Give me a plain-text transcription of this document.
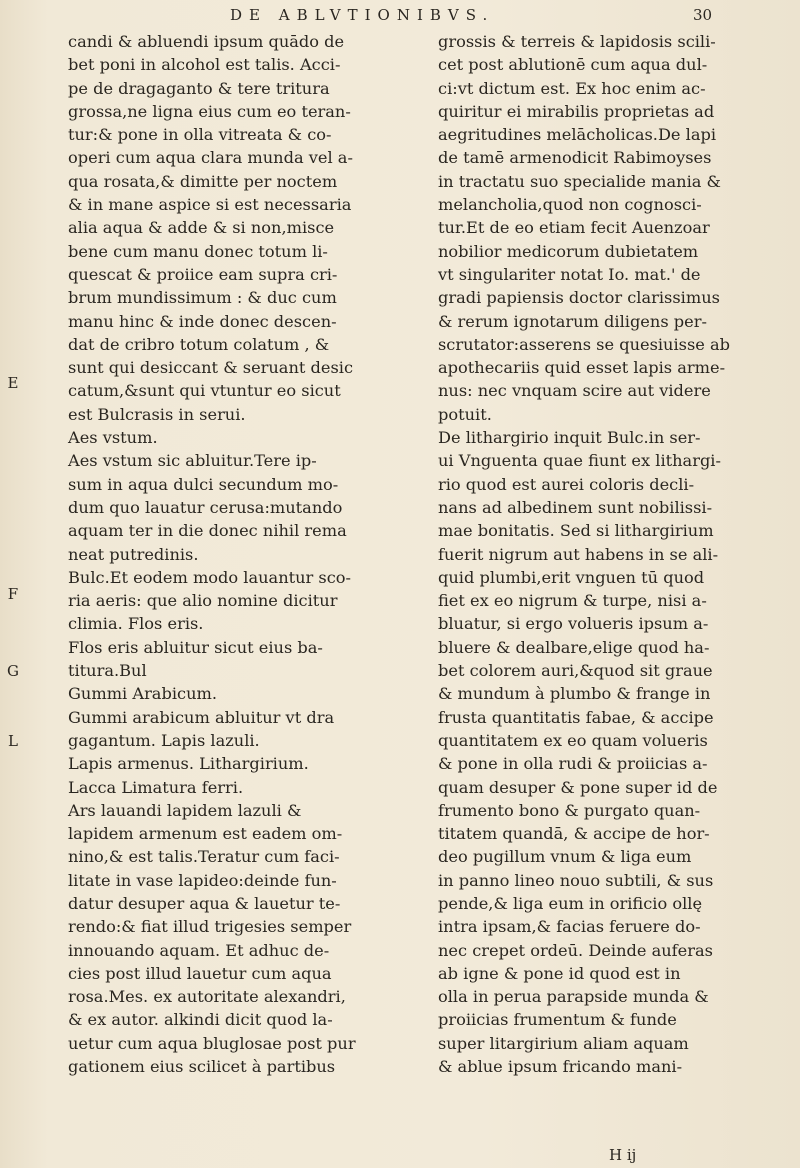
DE ABLVTIONIBVS.	30
E
F
G
L
candi & abluendi ipsum quādo de
bet poni in alcohol est talis. Acci-
pe de dragaganto & tere tritura
grossa,ne ligna eius cum eo teran-
tur:& pone in olla vitreata & co-
operi cum aqua clara munda vel a-
qua rosata,& dimitte per noctem
& in mane aspice si est necessaria
alia aqua & adde & si non,misce
bene cum manu donec totum li-
quescat & proiice eam supra cri-
brum mundissimum : & duc cum
manu hinc & inde donec descen-
dat de cribro totum colatum , &
sunt qui desiccant & seruant desic
catum,&sunt qui vtuntur eo sicut
est Bulcrasis in serui.
Aes vstum.
Aes vstum sic abluitur.Tere ip-
sum in aqua dulci secundum mo-
dum quo lauatur cerusa:mutando
aquam ter in die donec nihil rema
neat putredinis.
Bulc.Et eodem modo lauantur sco-
ria aeris: que alio nomine dicitur
climia. Flos eris.
Flos eris abluitur sicut eius ba-
titura.Bul
Gummi Arabicum.
Gummi arabicum abluitur vt dra
gagantum. Lapis lazuli.
Lapis armenus. Lithargirium.
Lacca Limatura ferri.
Ars lauandi lapidem lazuli &
lapidem armenum est eadem om-
nino,& est talis.Teratur cum faci-
litate in vase lapideo:deinde fun-
datur desuper aqua & lauetur te-
rendo:& fiat illud trigesies semper
innouando aquam. Et adhuc de-
cies post illud lauetur cum aqua
rosa.Mes. ex autoritate alexandri,
& ex autor. alkindi dicit quod la-
uetur cum aqua bluglosae post pur
gationem eius scilicet à partibus
grossis & terreis & lapidosis scili-
cet post ablutionē cum aqua dul-
ci:vt dictum est. Ex hoc enim ac-
quiritur ei mirabilis proprietas ad
aegritudines melācholicas.De lapi
de tamē armenodicit Rabimoyses
in tractatu suo specialide mania &
melancholia,quod non cognosci-
tur.Et de eo etiam fecit Auenzoar
nobilior medicorum dubietatem
vt singulariter notat Io. mat.' de
gradi papiensis doctor clarissimus
& rerum ignotarum diligens per-
scrutator:asserens se quesiuisse ab
apothecariis quid esset lapis arme-
nus: nec vnquam scire aut videre
potuit.
De lithargirio inquit Bulc.in ser-
ui Vnguenta quae fiunt ex lithargi-
rio quod est aurei coloris decli-
nans ad albedinem sunt nobilissi-
mae bonitatis. Sed si lithargirium
fuerit nigrum aut habens in se ali-
quid plumbi,erit vnguen tū quod
fiet ex eo nigrum & turpe, nisi a-
bluatur, si ergo volueris ipsum a-
bluere & dealbare,elige quod ha-
bet colorem auri,&quod sit graue
& mundum à plumbo & frange in
frusta quantitatis fabae, & accipe
quantitatem ex eo quam volueris
& pone in olla rudi & proiicias a-
quam desuper & pone super id de
frumento bono & purgato quan-
titatem quandā, & accipe de hor-
deo pugillum vnum & liga eum
in panno lineo nouo subtili, & sus
pende,& liga eum in orificio ollę
intra ipsam,& facias feruere do-
nec crepet ordeū. Deinde auferas
ab igne & pone id quod est in
olla in perua parapside munda &
proiicias frumentum & funde
super litargirium aliam aquam
& ablue ipsum fricando mani-
H ij
